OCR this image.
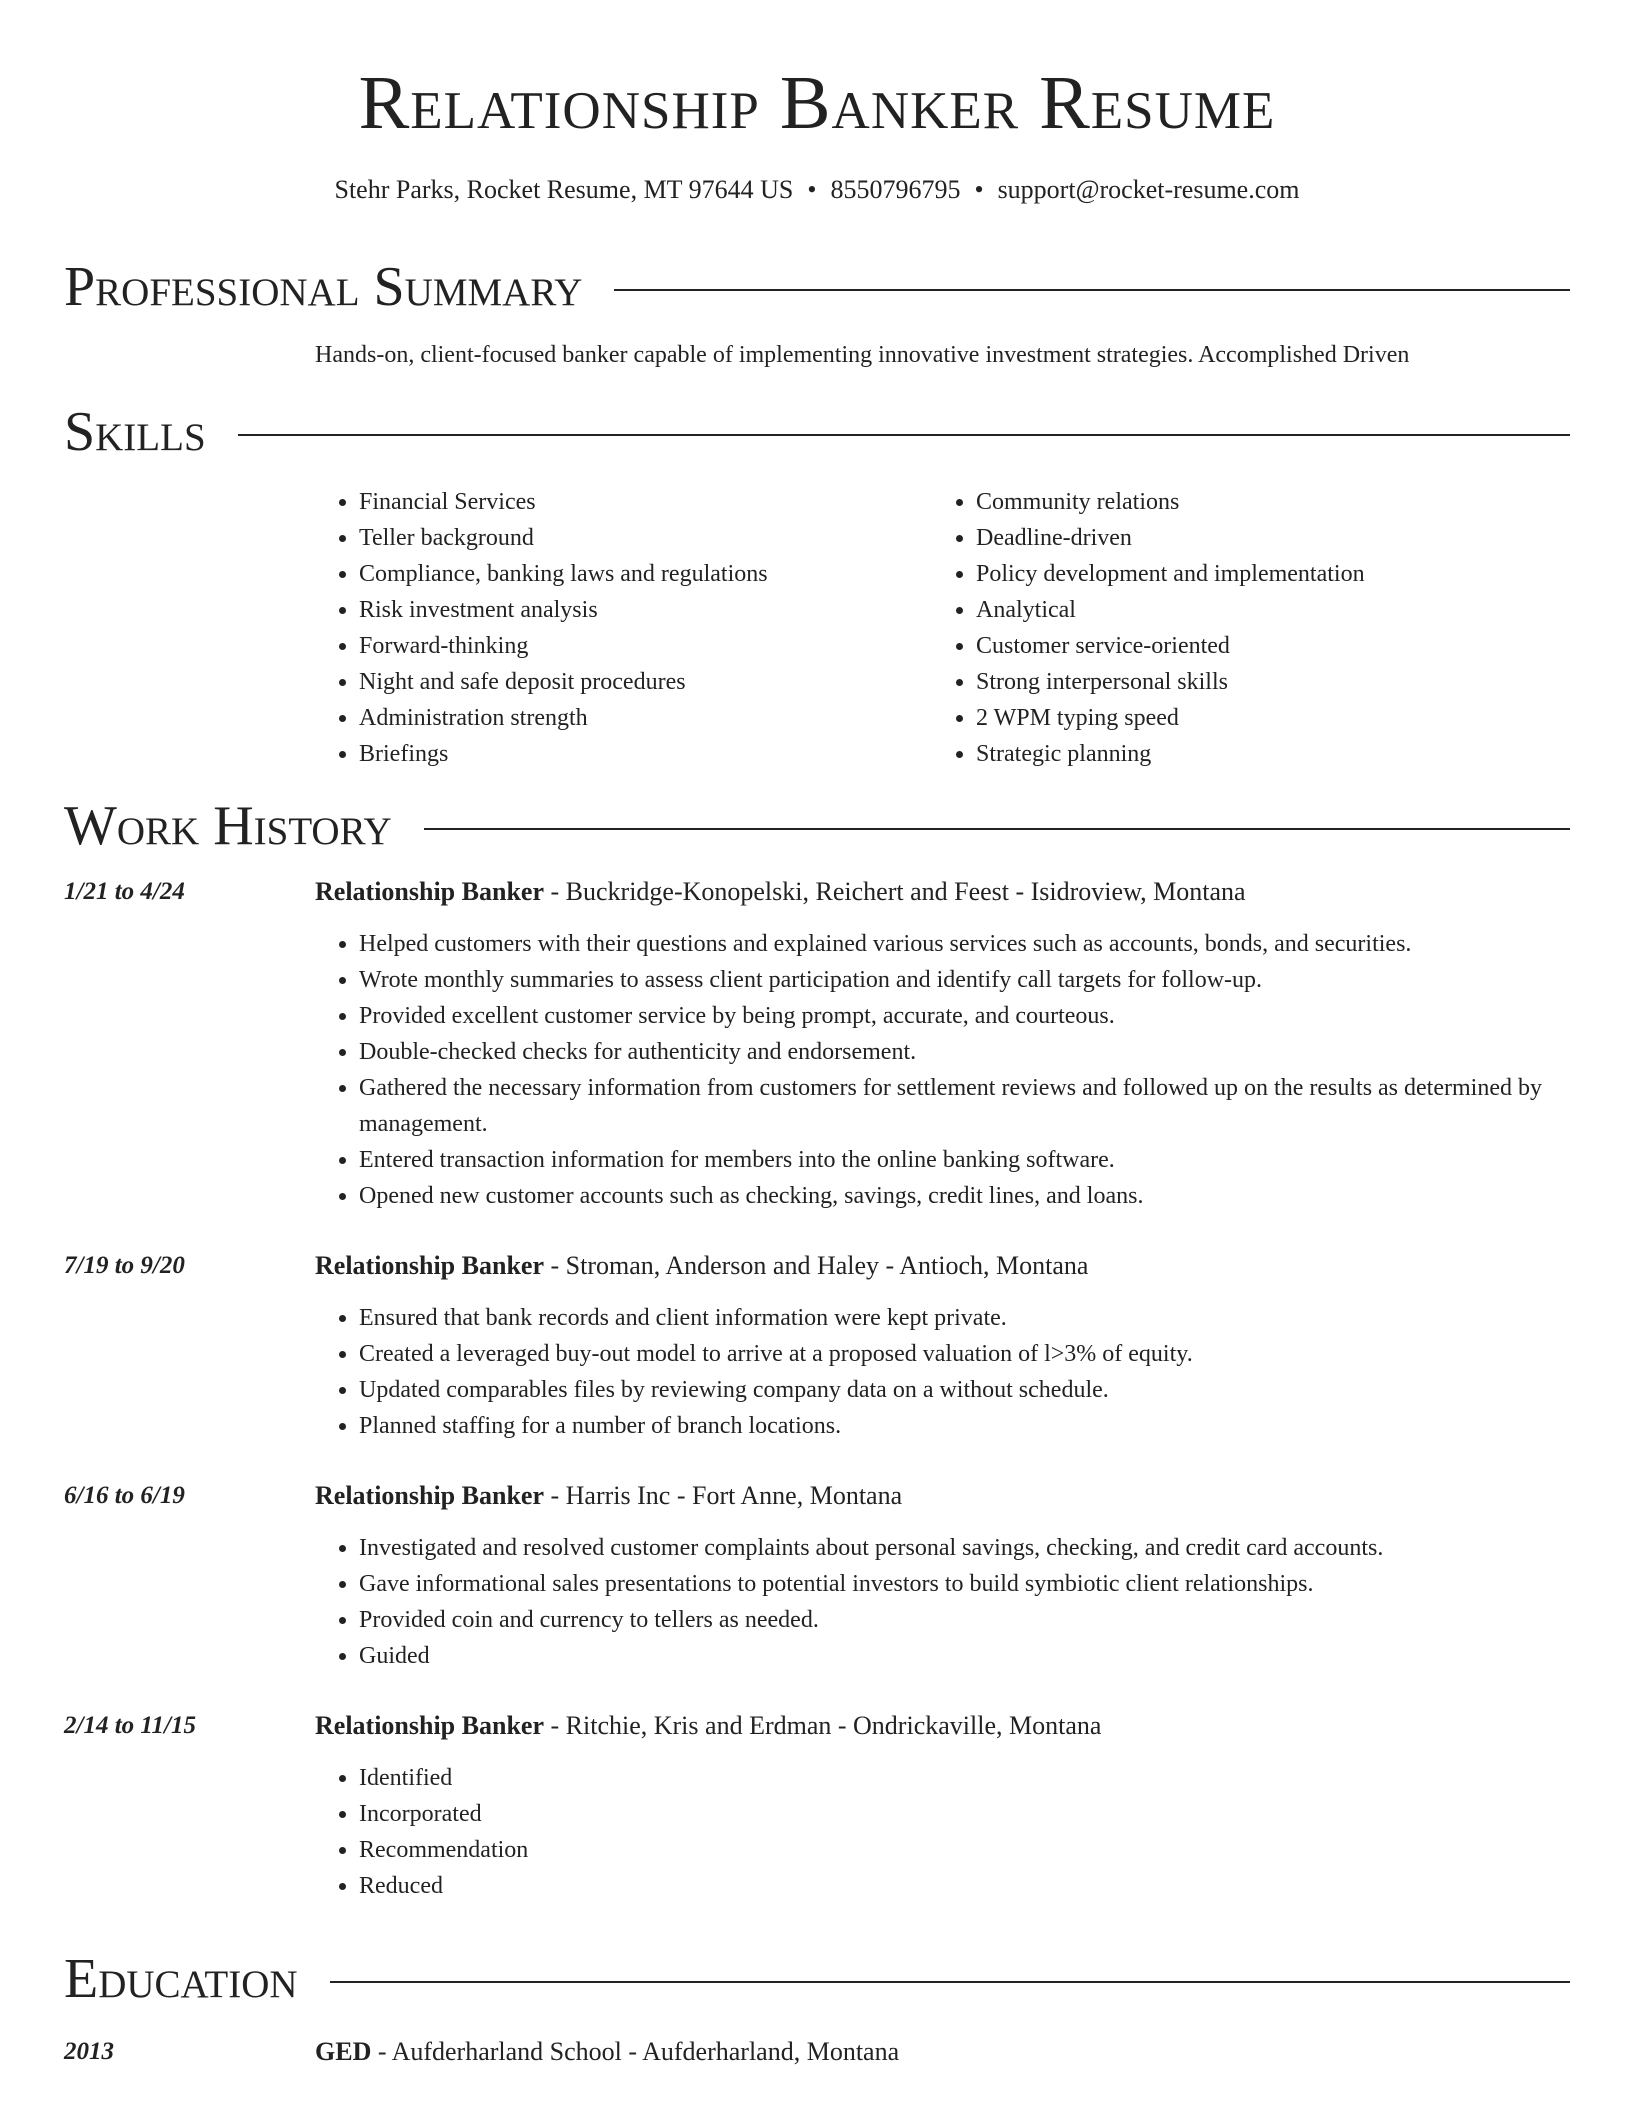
Relationship Banker Resume
Stehr Parks, Rocket Resume, MT 97644 US • 8550796795 • support@rocket-resume.com
Professional Summary
Hands-on, client-focused banker capable of implementing innovative investment strategies. Accomplished Driven
Skills
• Financial Services
• Teller background
• Compliance, banking laws and regulations
• Risk investment analysis
• Forward-thinking
• Night and safe deposit procedures
• Administration strength
• Briefings
• Community relations
• Deadline-driven
• Policy development and implementation
• Analytical
• Customer service-oriented
• Strong interpersonal skills
• 2 WPM typing speed
• Strategic planning
Work History
1/21 to 4/24	Relationship Banker - Buckridge-Konopelski, Reichert and Feest - Isidroview, Montana
• Helped customers with their questions and explained various services such as accounts, bonds, and securities.
• Wrote monthly summaries to assess client participation and identify call targets for follow-up.
• Provided excellent customer service by being prompt, accurate, and courteous.
• Double-checked checks for authenticity and endorsement.
• Gathered the necessary information from customers for settlement reviews and followed up on the results as determined by management.
• Entered transaction information for members into the online banking software.
• Opened new customer accounts such as checking, savings, credit lines, and loans.
7/19 to 9/20	Relationship Banker - Stroman, Anderson and Haley - Antioch, Montana
• Ensured that bank records and client information were kept private.
• Created a leveraged buy-out model to arrive at a proposed valuation of l>3% of equity.
• Updated comparables files by reviewing company data on a without schedule.
• Planned staffing for a number of branch locations.
6/16 to 6/19	Relationship Banker - Harris Inc - Fort Anne, Montana
• Investigated and resolved customer complaints about personal savings, checking, and credit card accounts.
• Gave informational sales presentations to potential investors to build symbiotic client relationships.
• Provided coin and currency to tellers as needed.
• Guided
2/14 to 11/15	Relationship Banker - Ritchie, Kris and Erdman - Ondrickaville, Montana
• Identified
• Incorporated
• Recommendation
• Reduced
Education
2013	GED - Aufderharland School - Aufderharland, Montana
